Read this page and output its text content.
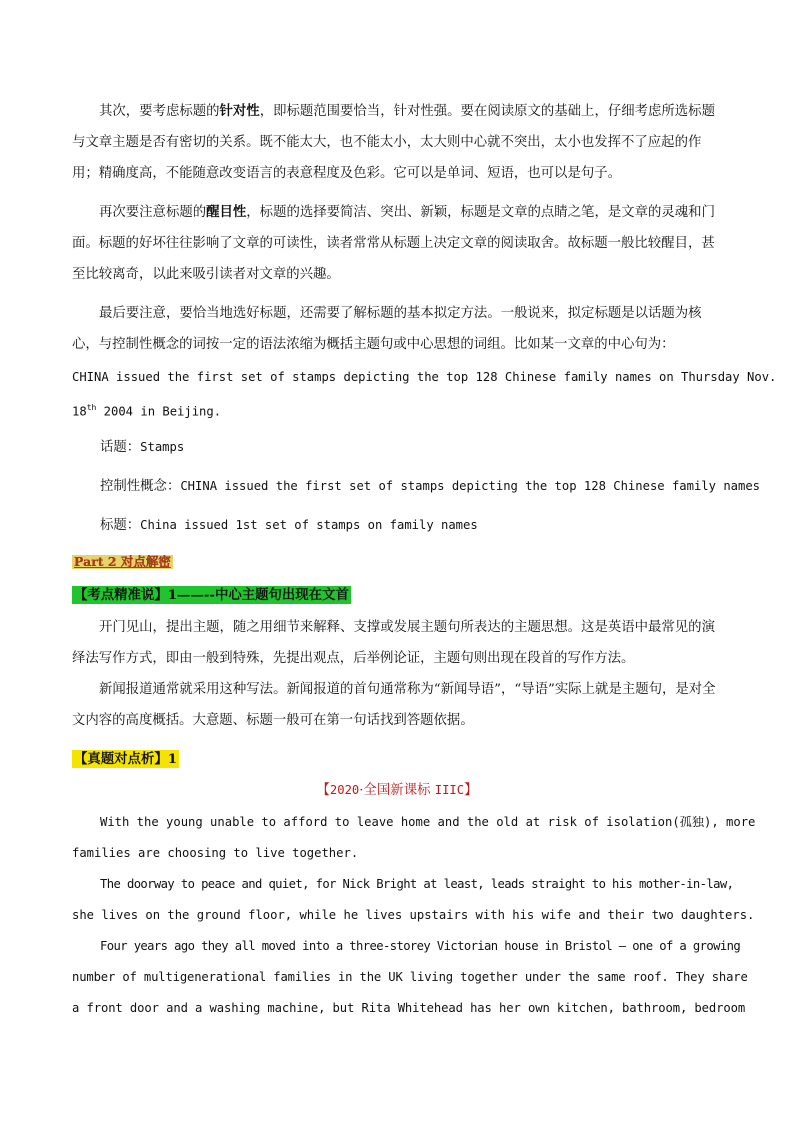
其次，要考虑标题的针对性，即标题范围要恰当，针对性强。要在阅读原文的基础上，仔细考虑所选标题与文章主题是否有密切的关系。既不能太大，也不能太小，太大则中心就不突出，太小也发挥不了应起的作用；精确度高，不能随意改变语言的表意程度及色彩。它可以是单词、短语，也可以是句子。

再次要注意标题的醒目性，标题的选择要简洁、突出、新颖，标题是文章的点睛之笔，是文章的灵魂和门面。标题的好坏往往影响了文章的可读性，读者常常从标题上决定文章的阅读取舍。故标题一般比较醒目，甚至比较离奇，以此来吸引读者对文章的兴趣。

最后要注意，要恰当地选好标题，还需要了解标题的基本拟定方法。一般说来，拟定标题是以话题为核心，与控制性概念的词按一定的语法浓缩为概括主题句或中心思想的词组。比如某一文章的中心句为：

CHINA issued the first set of stamps depicting the top 128 Chinese family names on Thursday Nov.
18th 2004 in Beijing.
话题：Stamps
控制性概念：CHINA issued the first set of stamps depicting the top 128 Chinese family names
标题：China issued 1st set of stamps on family names
Part 2 对点解密
【考点精准说】1——--中心主题句出现在文首

开门见山，提出主题，随之用细节来解释、支撑或发展主题句所表达的主题思想。这是英语中最常见的演绎法写作方式，即由一般到特殊，先提出观点，后举例论证，主题句则出现在段首的写作方法。

新闻报道通常就采用这种写法。新闻报道的首句通常称为“新闻导语”，“导语”实际上就是主题句，是对全文内容的高度概括。大意题、标题一般可在第一句话找到答题依据。

【真题对点析】1
【2020·全国新课标 IIIC】
With the young unable to afford to leave home and the old at risk of isolation(孤独), more
families are choosing to live together.
The doorway to peace and quiet, for Nick Bright at least, leads straight to his mother-in-law,
she lives on the ground floor, while he lives upstairs with his wife and their two daughters.
Four years ago they all moved into a three-storey Victorian house in Bristol — one of a growing
number of multigenerational families in the UK living together under the same roof. They share
a front door and a washing machine, but Rita Whitehead has her own kitchen, bathroom, bedroom
